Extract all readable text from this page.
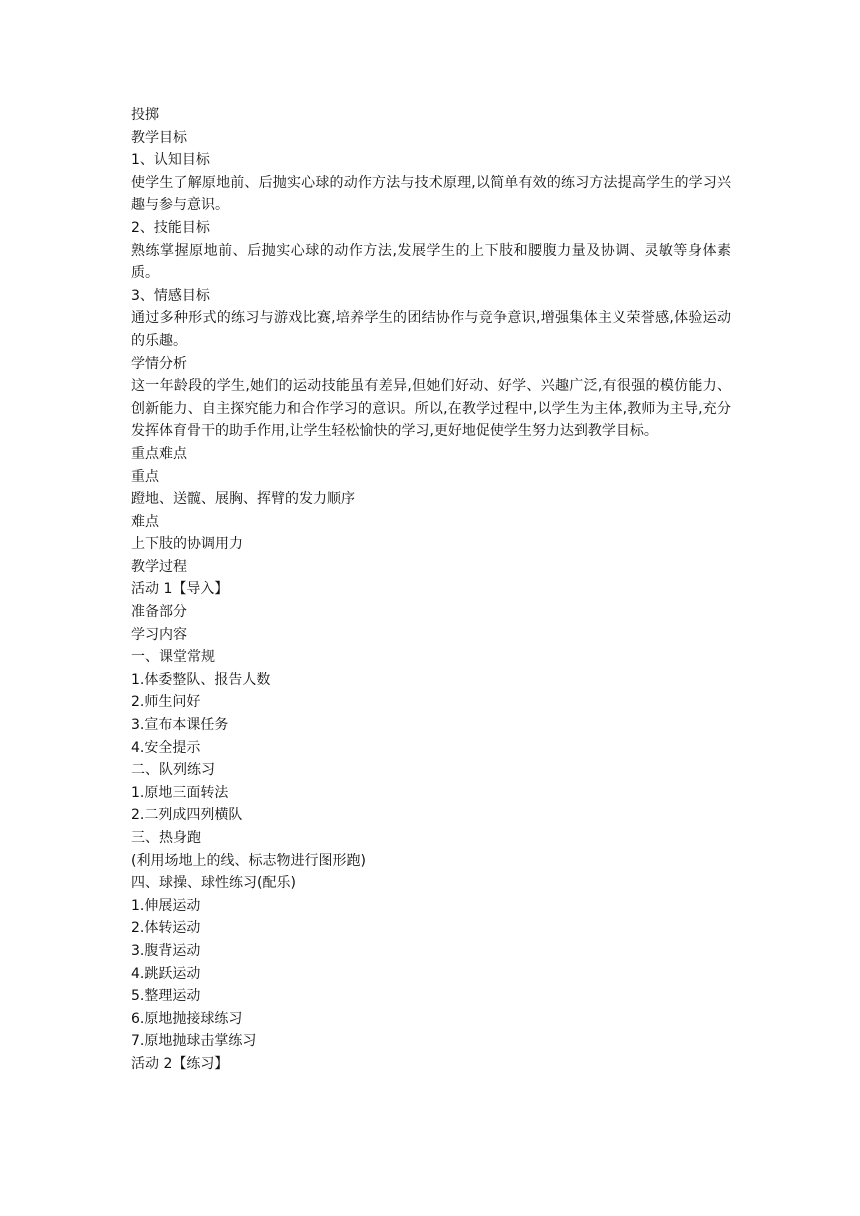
投掷
教学目标
1、认知目标
使学生了解原地前、后抛实心球的动作方法与技术原理,以简单有效的练习方法提高学生的学习兴趣与参与意识。
2、技能目标
熟练掌握原地前、后抛实心球的动作方法,发展学生的上下肢和腰腹力量及协调、灵敏等身体素质。
3、情感目标
通过多种形式的练习与游戏比赛,培养学生的团结协作与竞争意识,增强集体主义荣誉感,体验运动的乐趣。
学情分析
这一年龄段的学生,她们的运动技能虽有差异,但她们好动、好学、兴趣广泛,有很强的模仿能力、创新能力、自主探究能力和合作学习的意识。所以,在教学过程中,以学生为主体,教师为主导,充分发挥体育骨干的助手作用,让学生轻松愉快的学习,更好地促使学生努力达到教学目标。
重点难点
重点
蹬地、送髋、展胸、挥臂的发力顺序
难点
上下肢的协调用力
教学过程
活动 1【导入】
准备部分
学习内容
一、课堂常规
1.体委整队、报告人数
2.师生问好
3.宣布本课任务
4.安全提示
二、队列练习
1.原地三面转法
2.二列成四列横队
三、热身跑
(利用场地上的线、标志物进行图形跑)
四、球操、球性练习(配乐)
1.伸展运动
2.体转运动
3.腹背运动
4.跳跃运动
5.整理运动
6.原地抛接球练习
7.原地抛球击掌练习
活动 2【练习】
